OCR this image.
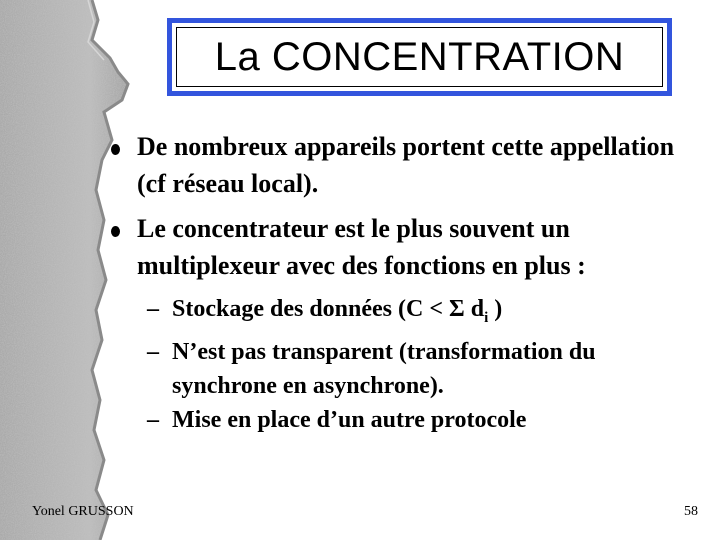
La CONCENTRATION
De nombreux appareils portent cette appellation (cf réseau local).
Le concentrateur est le plus souvent un multiplexeur avec des fonctions en plus :
– Stockage des données (C < Σ $d_i$ )
– N’est pas transparent (transformation du synchrone en asynchrone).
– Mise en place d’un autre protocole
Yonel GRUSSON	58
